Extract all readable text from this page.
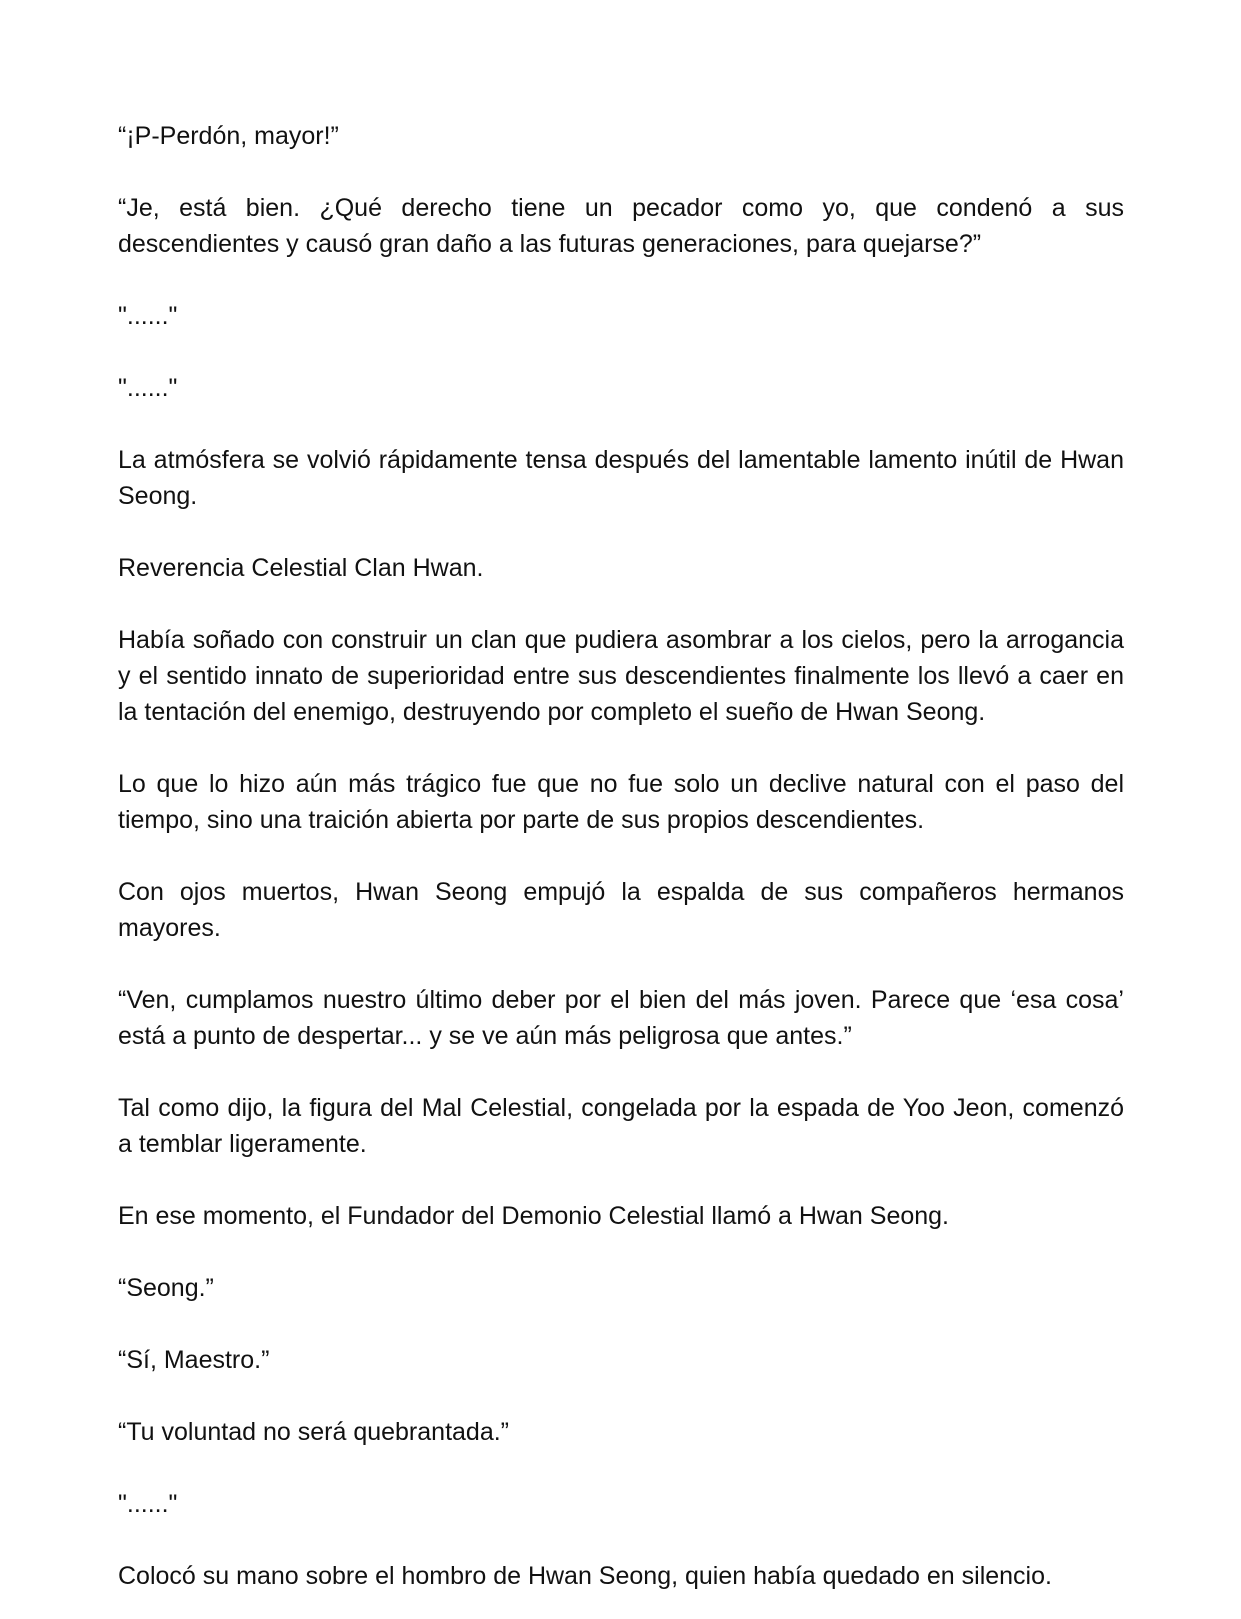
“¡P-Perdón, mayor!”

“Je, está bien. ¿Qué derecho tiene un pecador como yo, que condenó a sus descendientes y causó gran daño a las futuras generaciones, para quejarse?”

"......"

"......"

La atmósfera se volvió rápidamente tensa después del lamentable lamento inútil de Hwan Seong.

Reverencia Celestial Clan Hwan.

Había soñado con construir un clan que pudiera asombrar a los cielos, pero la arrogancia y el sentido innato de superioridad entre sus descendientes finalmente los llevó a caer en la tentación del enemigo, destruyendo por completo el sueño de Hwan Seong.

Lo que lo hizo aún más trágico fue que no fue solo un declive natural con el paso del tiempo, sino una traición abierta por parte de sus propios descendientes.

Con ojos muertos, Hwan Seong empujó la espalda de sus compañeros hermanos mayores.

“Ven, cumplamos nuestro último deber por el bien del más joven. Parece que ‘esa cosa’ está a punto de despertar... y se ve aún más peligrosa que antes.”

Tal como dijo, la figura del Mal Celestial, congelada por la espada de Yoo Jeon, comenzó a temblar ligeramente.

En ese momento, el Fundador del Demonio Celestial llamó a Hwan Seong.

“Seong.”

“Sí, Maestro.”

“Tu voluntad no será quebrantada.”

"......"

Colocó su mano sobre el hombro de Hwan Seong, quien había quedado en silencio.
